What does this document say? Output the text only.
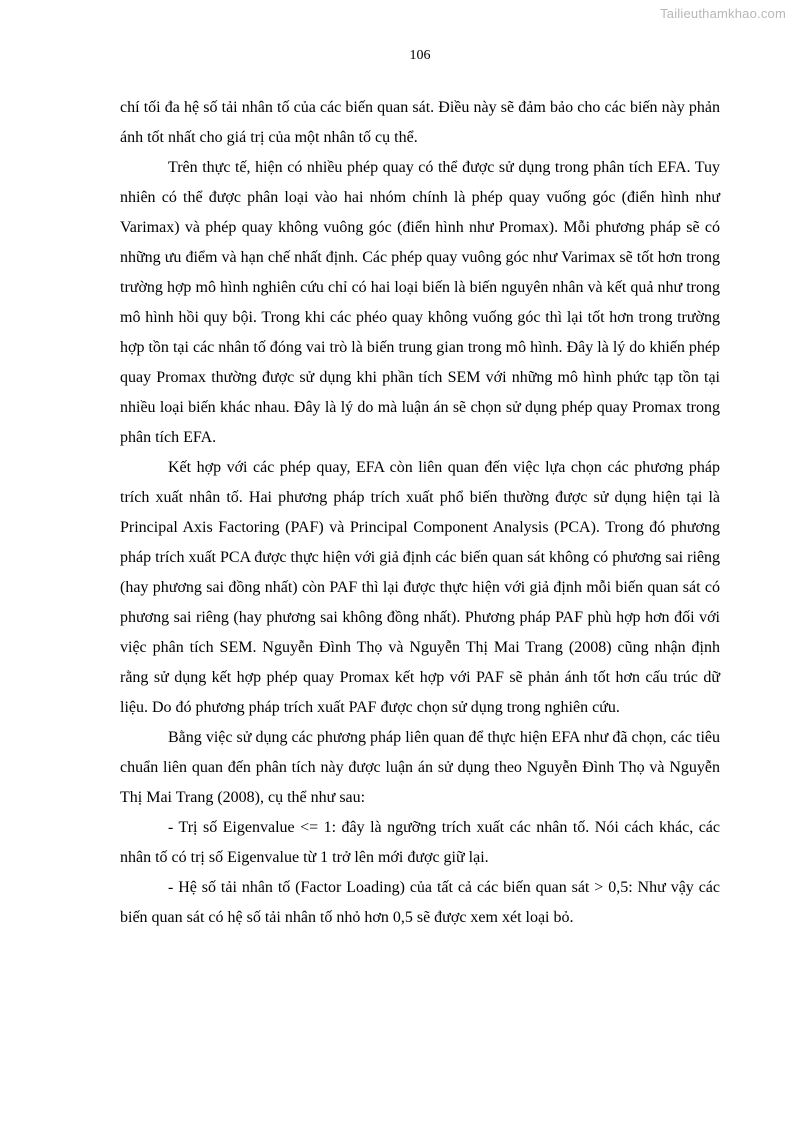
Tailieuthamkhao.com
106

chí tối đa hệ số tải nhân tố của các biến quan sát. Điều này sẽ đảm bảo cho các biến này phản ánh tốt nhất cho giá trị của một nhân tố cụ thể.

Trên thực tế, hiện có nhiều phép quay có thể được sử dụng trong phân tích EFA. Tuy nhiên có thể được phân loại vào hai nhóm chính là phép quay vuống góc (điển hình như Varimax) và phép quay không vuông góc (điển hình như Promax). Mỗi phương pháp sẽ có những ưu điểm và hạn chế nhất định. Các phép quay vuông góc như Varimax sẽ tốt hơn trong trường hợp mô hình nghiên cứu chỉ có hai loại biến là biến nguyên nhân và kết quả như trong mô hình hồi quy bội. Trong khi các phéo quay không vuống góc thì lại tốt hơn trong trường hợp tồn tại các nhân tố đóng vai trò là biến trung gian trong mô hình. Đây là lý do khiến phép quay Promax thường được sử dụng khi phần tích SEM với những mô hình phức tạp tồn tại nhiều loại biến khác nhau. Đây là lý do mà luận án sẽ chọn sử dụng phép quay Promax trong phân tích EFA.

Kết hợp với các phép quay, EFA còn liên quan đến việc lựa chọn các phương pháp trích xuất nhân tố. Hai phương pháp trích xuất phổ biến thường được sử dụng hiện tại là Principal Axis Factoring (PAF) và Principal Component Analysis (PCA). Trong đó phương pháp trích xuất PCA được thực hiện với giả định các biến quan sát không có phương sai riêng (hay phương sai đồng nhất) còn PAF thì lại được thực hiện với giả định mỗi biến quan sát có phương sai riêng (hay phương sai không đồng nhất). Phương pháp PAF phù hợp hơn đối với việc phân tích SEM. Nguyễn Đình Thọ và Nguyễn Thị Mai Trang (2008) cũng nhận định rằng sử dụng kết hợp phép quay Promax kết hợp với PAF sẽ phản ánh tốt hơn cấu trúc dữ liệu. Do đó phương pháp trích xuất PAF được chọn sử dụng trong nghiên cứu.

Bằng việc sử dụng các phương pháp liên quan để thực hiện EFA như đã chọn, các tiêu chuẩn liên quan đến phân tích này được luận án sử dụng theo Nguyễn Đình Thọ và Nguyễn Thị Mai Trang (2008), cụ thể như sau:

- Trị số Eigenvalue <= 1: đây là ngưỡng trích xuất các nhân tố. Nói cách khác, các nhân tố có trị số Eigenvalue từ 1 trở lên mới được giữ lại.

- Hệ số tải nhân tố (Factor Loading) của tất cả các biến quan sát > 0,5: Như vậy các biến quan sát có hệ số tải nhân tố nhỏ hơn 0,5 sẽ được xem xét loại bỏ.
